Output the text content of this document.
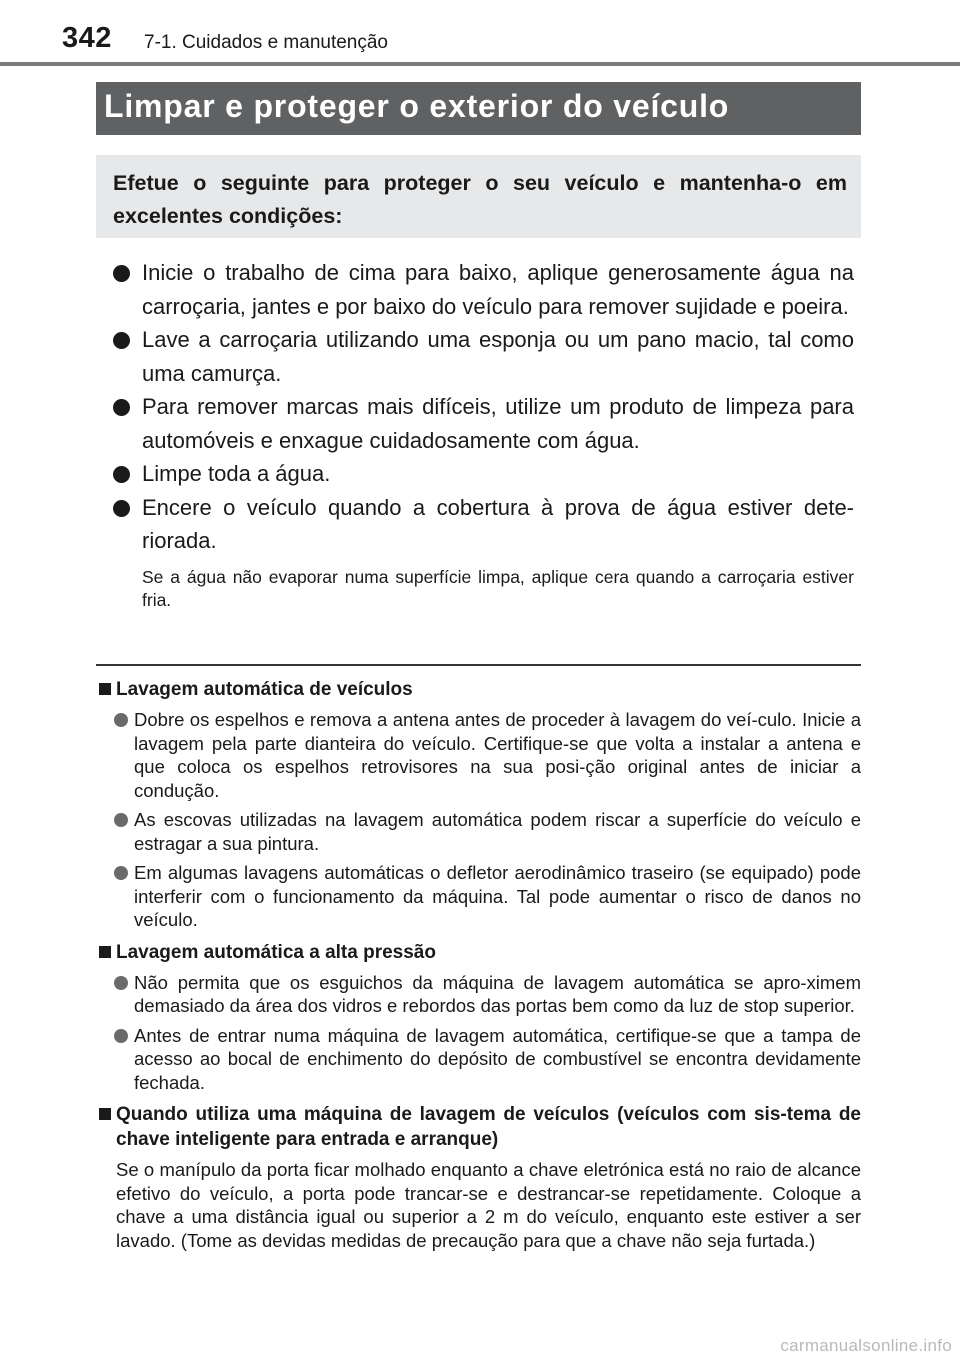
342 7-1. Cuidados e manutenção
Limpar e proteger o exterior do veículo
Efetue o seguinte para proteger o seu veículo e mantenha-o em excelentes condições:
Inicie o trabalho de cima para baixo, aplique generosamente água na carroçaria, jantes e por baixo do veículo para remover sujidade e poeira.
Lave a carroçaria utilizando uma esponja ou um pano macio, tal como uma camurça.
Para remover marcas mais difíceis, utilize um produto de limpeza para automóveis e enxague cuidadosamente com água.
Limpe toda a água.
Encere o veículo quando a cobertura à prova de água estiver dete-riorada.
Se a água não evaporar numa superfície limpa, aplique cera quando a carroçaria estiver fria.
Lavagem automática de veículos
Dobre os espelhos e remova a antena antes de proceder à lavagem do veí-culo. Inicie a lavagem pela parte dianteira do veículo. Certifique-se que volta a instalar a antena e que coloca os espelhos retrovisores na sua posi-ção original antes de iniciar a condução.
As escovas utilizadas na lavagem automática podem riscar a superfície do veículo e estragar a sua pintura.
Em algumas lavagens automáticas o defletor aerodinâmico traseiro (se equipado) pode interferir com o funcionamento da máquina. Tal pode aumentar o risco de danos no veículo.
Lavagem automática a alta pressão
Não permita que os esguichos da máquina de lavagem automática se apro-ximem demasiado da área dos vidros e rebordos das portas bem como da luz de stop superior.
Antes de entrar numa máquina de lavagem automática, certifique-se que a tampa de acesso ao bocal de enchimento do depósito de combustível se encontra devidamente fechada.
Quando utiliza uma máquina de lavagem de veículos (veículos com sis-tema de chave inteligente para entrada e arranque)
Se o manípulo da porta ficar molhado enquanto a chave eletrónica está no raio de alcance efetivo do veículo, a porta pode trancar-se e destrancar-se repetidamente. Coloque a chave a uma distância igual ou superior a 2 m do veículo, enquanto este estiver a ser lavado. (Tome as devidas medidas de precaução para que a chave não seja furtada.)
carmanualsonline.info
